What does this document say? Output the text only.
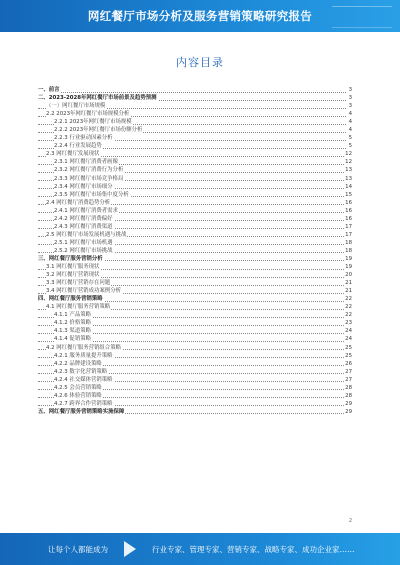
网红餐厅市场分析及服务营销策略研究报告
内容目录
一、前言	3
二、2023-2028年网红餐厅市场前景及趋势预测	3
（一）网红餐厅市场规模	3
2.2 2023年网红餐厅市场规模分析	4
2.2.1 2023年网红餐厅市场规模	4
2.2.2 2023年网红餐厅市场份额分析	4
2.2.3 行业驱动因素分析	5
2.2.4 行业发展趋势	5
2.3 网红餐厅发展现状	12
2.3.1 网红餐厅消费者画像	12
2.3.2 网红餐厅消费行为分析	13
2.3.3 网红餐厅市场竞争格局	13
2.3.4 网红餐厅市场细分	14
2.3.5 网红餐厅市场集中度分析	15
2.4 网红餐厅消费趋势分析	16
2.4.1 网红餐厅消费者需求	16
2.4.2 网红餐厅消费偏好	16
2.4.3 网红餐厅消费渠道	17
2.5 网红餐厅市场发展机遇与挑战	17
2.5.1 网红餐厅市场机遇	18
2.5.2 网红餐厅市场挑战	18
三、网红餐厅服务营销分析	19
3.1 网红餐厅服务现状	19
3.2 网红餐厅营销现状	20
3.3 网红餐厅营销存在问题	21
3.4 网红餐厅营销成功案例分析	21
四、网红餐厅服务营销策略	22
4.1 网红餐厅服务营销策略	22
4.1.1 产品策略	22
4.1.2 价格策略	23
4.1.3 渠道策略	24
4.1.4 促销策略	24
4.2 网红餐厅服务营销组合策略	25
4.2.1 服务质量提升策略	25
4.2.2 品牌建设策略	26
4.2.3 数字化营销策略	27
4.2.4 社交媒体营销策略	27
4.2.5 会员营销策略	28
4.2.6 体验营销策略	28
4.2.7 跨界合作营销策略	29
五、网红餐厅服务营销策略实施保障	29
2
让每个人都能成为	行业专家、管理专家、营销专家、战略专家、成功企业家……
